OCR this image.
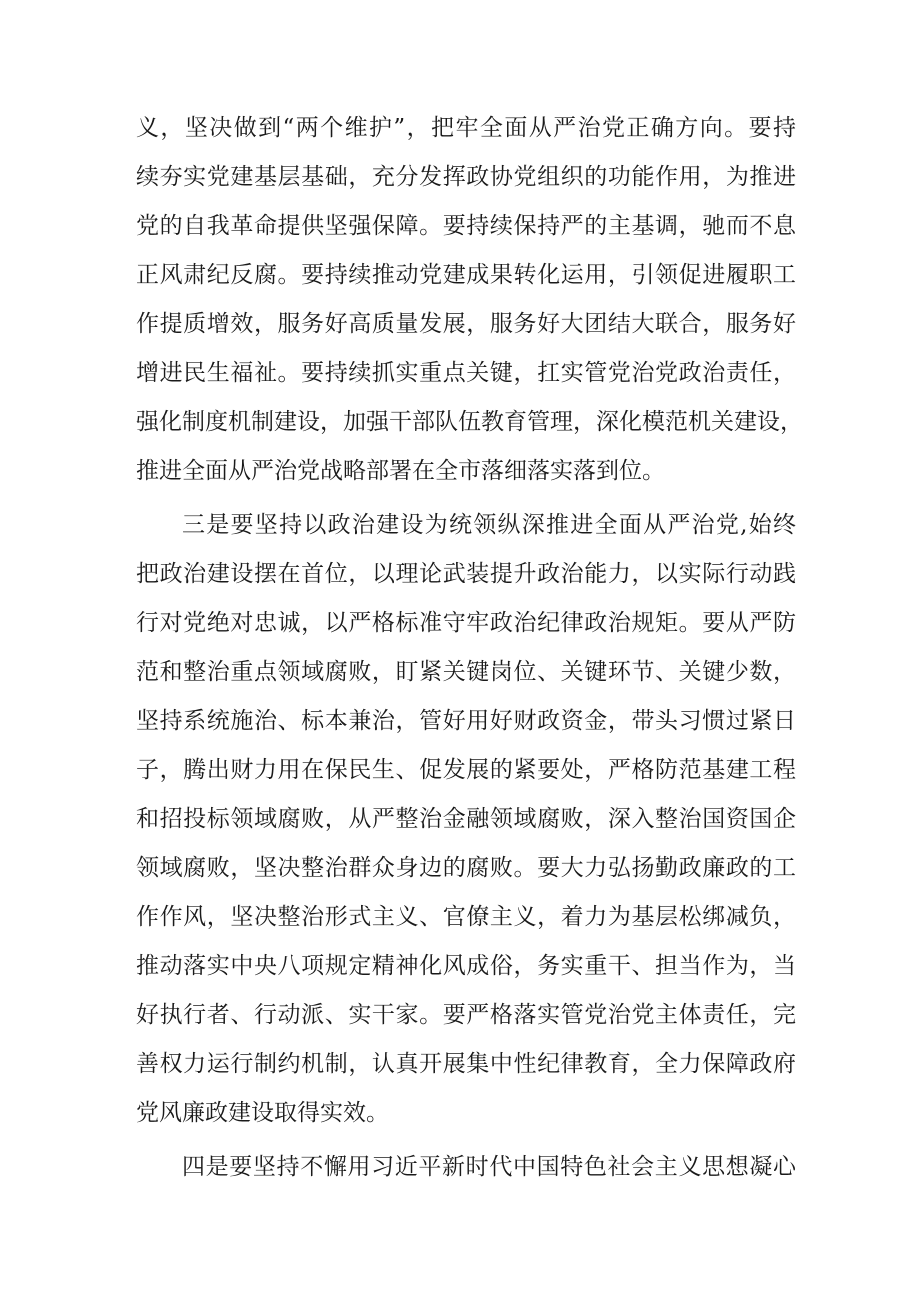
义，坚决做到“两个维护”，把牢全面从严治党正确方向。要持
续夯实党建基层基础，充分发挥政协党组织的功能作用，为推进
党的自我革命提供坚强保障。要持续保持严的主基调，驰而不息
正风肃纪反腐。要持续推动党建成果转化运用，引领促进履职工
作提质增效，服务好高质量发展，服务好大团结大联合，服务好
增进民生福祉。要持续抓实重点关键，扛实管党治党政治责任，
强化制度机制建设，加强干部队伍教育管理，深化模范机关建设，
推进全面从严治党战略部署在全市落细落实落到位。
三是要坚持以政治建设为统领纵深推进全面从严治党,始终
把政治建设摆在首位，以理论武装提升政治能力，以实际行动践
行对党绝对忠诚，以严格标准守牢政治纪律政治规矩。要从严防
范和整治重点领域腐败，盯紧关键岗位、关键环节、关键少数，
坚持系统施治、标本兼治，管好用好财政资金，带头习惯过紧日
子，腾出财力用在保民生、促发展的紧要处，严格防范基建工程
和招投标领域腐败，从严整治金融领域腐败，深入整治国资国企
领域腐败，坚决整治群众身边的腐败。要大力弘扬勤政廉政的工
作作风，坚决整治形式主义、官僚主义，着力为基层松绑减负，
推动落实中央八项规定精神化风成俗，务实重干、担当作为，当
好执行者、行动派、实干家。要严格落实管党治党主体责任，完
善权力运行制约机制，认真开展集中性纪律教育，全力保障政府
党风廉政建设取得实效。
四是要坚持不懈用习近平新时代中国特色社会主义思想凝心
